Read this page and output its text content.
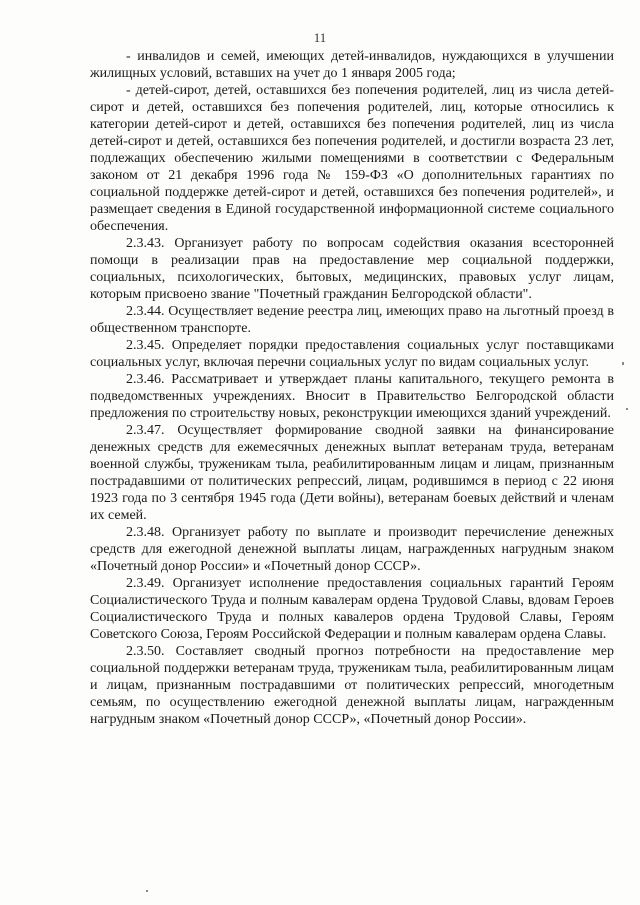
11

- инвалидов и семей, имеющих детей-инвалидов, нуждающихся в улучшении жилищных условий, вставших на учет до 1 января 2005 года;

- детей-сирот, детей, оставшихся без попечения родителей, лиц из числа детей-сирот и детей, оставшихся без попечения родителей, лиц, которые относились к категории детей-сирот и детей, оставшихся без попечения родителей, лиц из числа детей-сирот и детей, оставшихся без попечения родителей, и достигли возраста 23 лет, подлежащих обеспечению жилыми помещениями в соответствии с Федеральным законом от 21 декабря 1996 года № 159-ФЗ «О дополнительных гарантиях по социальной поддержке детей-сирот и детей, оставшихся без попечения родителей», и размещает сведения в Единой государственной информационной системе социального обеспечения.

2.3.43. Организует работу по вопросам содействия оказания всесторонней помощи в реализации прав на предоставление мер социальной поддержки, социальных, психологических, бытовых, медицинских, правовых услуг лицам, которым присвоено звание "Почетный гражданин Белгородской области".

2.3.44. Осуществляет ведение реестра лиц, имеющих право на льготный проезд в общественном транспорте.

2.3.45. Определяет порядки предоставления социальных услуг поставщиками социальных услуг, включая перечни социальных услуг по видам социальных услуг.

2.3.46. Рассматривает и утверждает планы капитального, текущего ремонта в подведомственных учреждениях. Вносит в Правительство Белгородской области предложения по строительству новых, реконструкции имеющихся зданий учреждений.

2.3.47. Осуществляет формирование сводной заявки на финансирование денежных средств для ежемесячных денежных выплат ветеранам труда, ветеранам военной службы, труженикам тыла, реабилитированным лицам и лицам, признанным пострадавшими от политических репрессий, лицам, родившимся в период с 22 июня 1923 года по 3 сентября 1945 года (Дети войны), ветеранам боевых действий и членам их семей.

2.3.48. Организует работу по выплате и производит перечисление денежных средств для ежегодной денежной выплаты лицам, награжденных нагрудным знаком «Почетный донор России» и «Почетный донор СССР».

2.3.49. Организует исполнение предоставления социальных гарантий Героям Социалистического Труда и полным кавалерам ордена Трудовой Славы, вдовам Героев Социалистического Труда и полных кавалеров ордена Трудовой Славы, Героям Советского Союза, Героям Российской Федерации и полным кавалерам ордена Славы.

2.3.50. Составляет сводный прогноз потребности на предоставление мер социальной поддержки ветеранам труда, труженикам тыла, реабилитированным лицам и лицам, признанным пострадавшими от политических репрессий, многодетным семьям, по осуществлению ежегодной денежной выплаты лицам, награжденным нагрудным знаком «Почетный донор СССР», «Почетный донор России».
